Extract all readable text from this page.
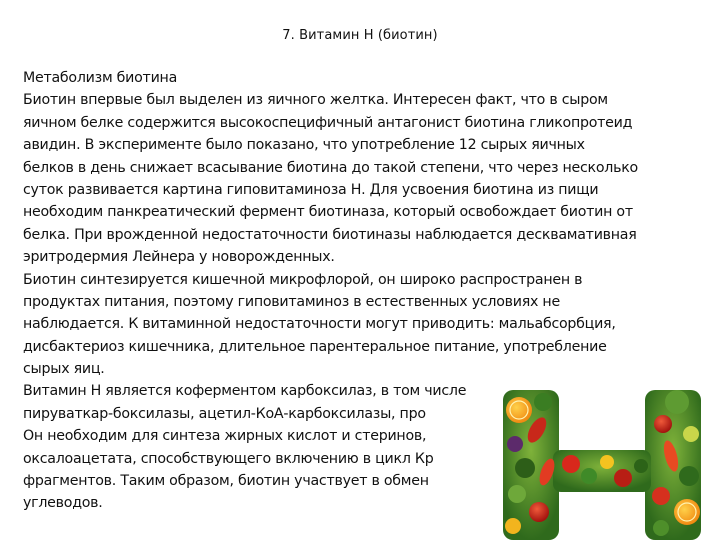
7. Витамин Н (биотин)
Метаболизм биотина
Биотин впервые был выделен из яичного желтка. Интересен факт, что в сыром
яичном белке содержится высокоспецифичный антагонист биотина гликопротеид
авидин. В эксперименте было показано, что употребление 12 сырых яичных
белков в день снижает всасывание биотина до такой степени, что через несколько
суток развивается картина гиповитаминоза Н. Для усвоения биотина из пищи
необходим панкреатический фермент биотиназа, который освобождает биотин от
белка. При врожденной недостаточности биотиназы наблюдается десквамативная
эритродермия Лейнера у новорожденных.
Биотин синтезируется кишечной микрофлорой, он широко распространен в
продуктах питания, поэтому гиповитаминоз в естественных условиях не
наблюдается. К витаминной недостаточности могут приводить: мальабсорбция,
дисбактериоз кишечника, длительное парентеральное питание, употребление
сырых яиц.
Витамин Н является коферментом карбоксилаз, в том числе
пируваткар-боксилазы, ацетил-КоА-карбоксилазы, про
Он необходим для синтеза жирных кислот и стеринов,
оксалоацетата, способствующего включению в цикл Кр
фрагментов. Таким образом, биотин участвует в обмен
углеводов.
